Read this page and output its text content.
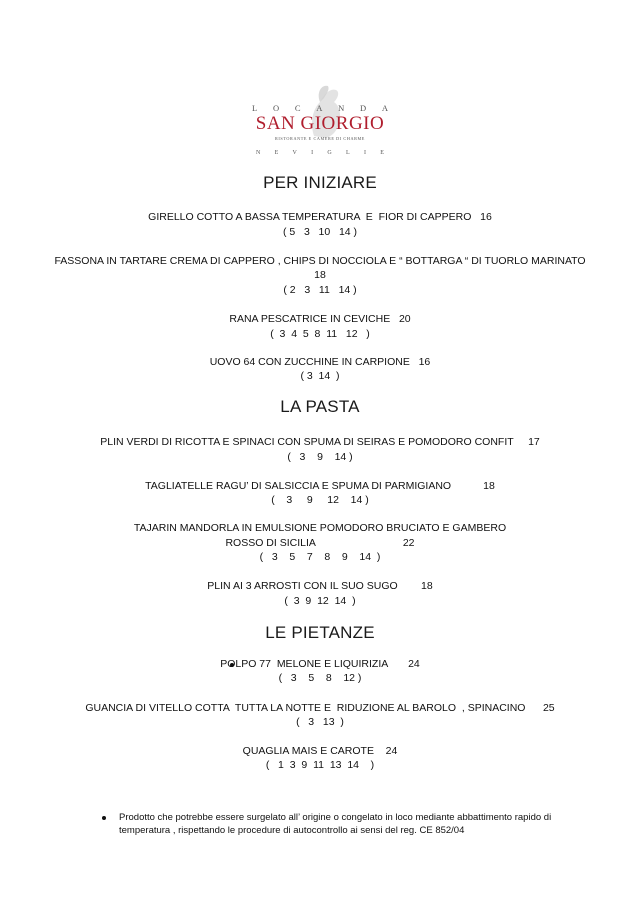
L O C A N D A
SAN GIORGIO
RISTORANTE E CAMERE DI CHARME
N E V I G L I E
PER INIZIARE
GIRELLO COTTO A BASSA TEMPERATURA  E  FIOR DI CAPPERO   16
( 5   3   10   14 )
FASSONA IN TARTARE CREMA DI CAPPERO , CHIPS DI NOCCIOLA E “ BOTTARGA “ DI TUORLO MARINATO
18
( 2   3   11   14 )
RANA PESCATRICE IN CEVICHE   20
(  3  4  5  8  11   12   )
UOVO 64 CON ZUCCHINE IN CARPIONE   16
( 3  14  )
LA PASTA
PLIN VERDI DI RICOTTA E SPINACI CON SPUMA DI SEIRAS E POMODORO CONFIT     17
(   3    9    14 )
TAGLIATELLE RAGU’ DI SALSICCIA E SPUMA DI PARMIGIANO           18
(    3     9     12    14 )
TAJARIN MANDORLA IN EMULSIONE POMODORO BRUCIATO E GAMBERO
ROSSO DI SICILIA                              22
(   3    5    7    8    9    14  )
PLIN AI 3 ARROSTI CON IL SUO SUGO        18
(  3  9  12  14  )
LE PIETANZE
POLPO 77  MELONE E LIQUIRIZIA       24
(   3    5    8    12 )
GUANCIA DI VITELLO COTTA  TUTTA LA NOTTE E  RIDUZIONE AL BAROLO  , SPINACINO      25
(   3   13  )
QUAGLIA MAIS E CAROTE    24
(   1  3  9  11  13  14    )
Prodotto che potrebbe essere surgelato all’ origine o congelato in loco mediante abbattimento rapido di temperatura , rispettando le procedure di autocontrollo ai sensi del reg. CE 852/04
